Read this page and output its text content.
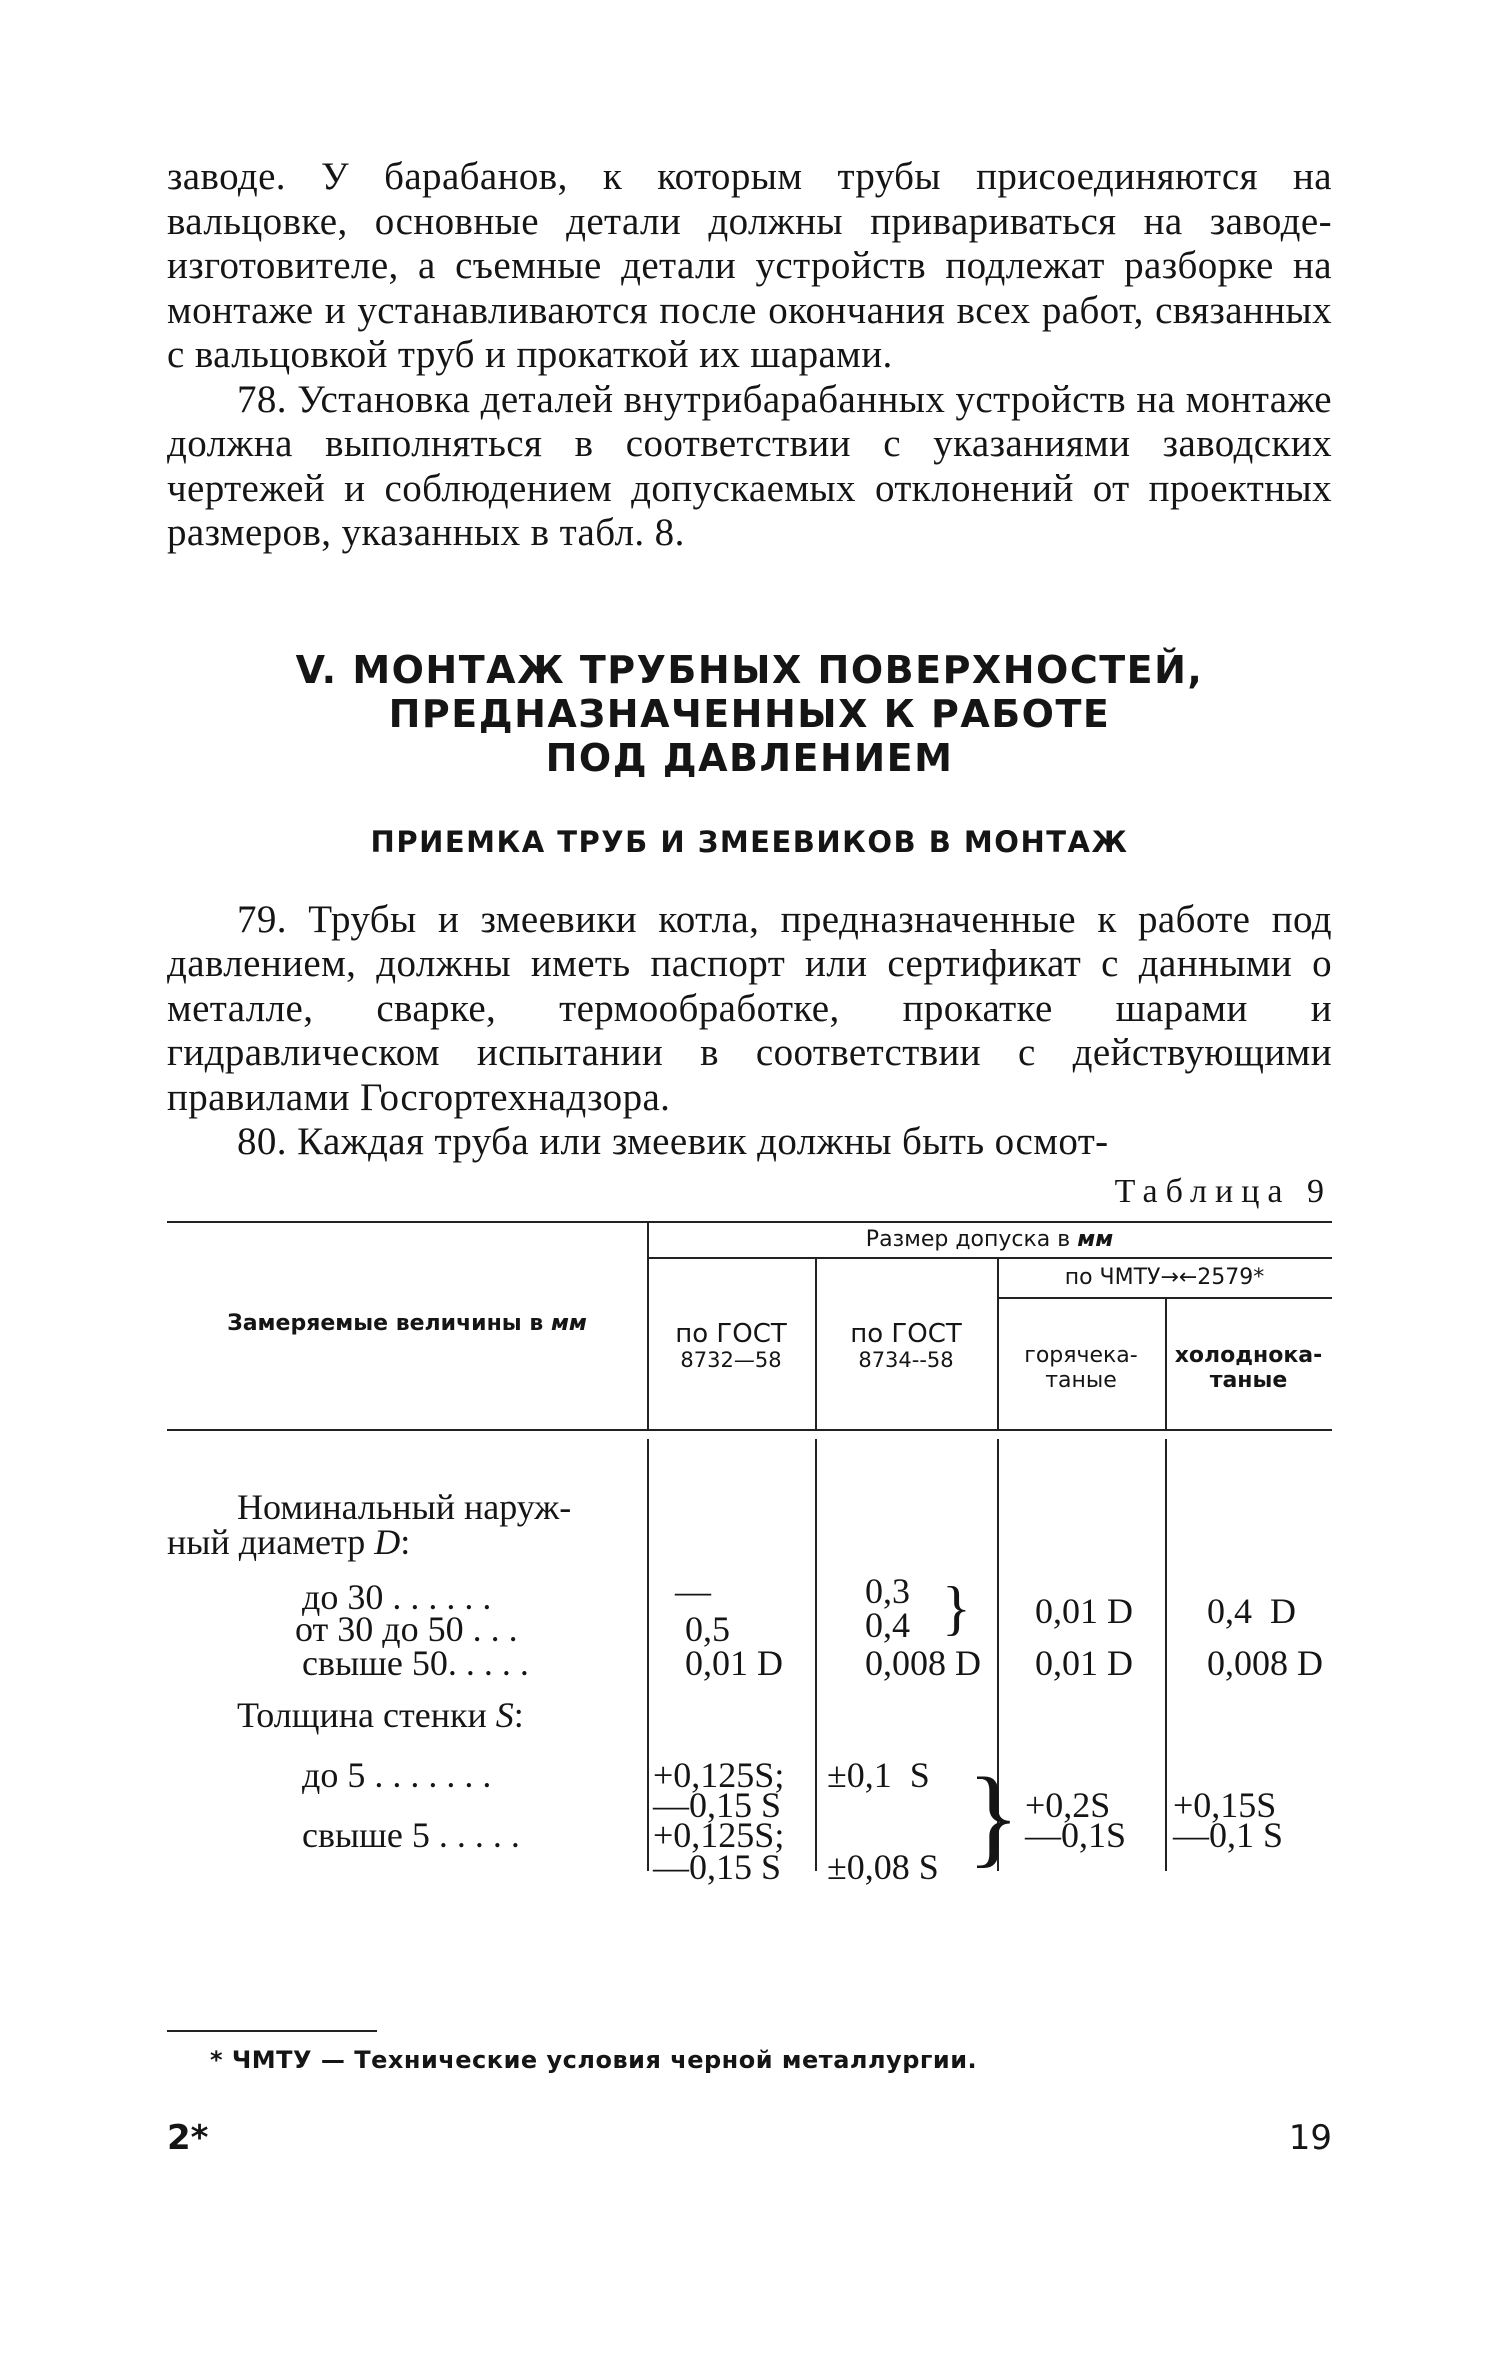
заводе. У барабанов, к которым трубы присоединяются на вальцовке, основные детали должны привариваться на заводе-изготовителе, а съемные детали устройств подлежат разборке на монтаже и устанавливаются после окончания всех работ, связанных с вальцовкой труб и прокаткой их шарами.

78. Установка деталей внутрибарабанных устройств на монтаже должна выполняться в соответствии с указаниями заводских чертежей и соблюдением допускаемых отклонений от проектных размеров, указанных в табл. 8.

V. МОНТАЖ ТРУБНЫХ ПОВЕРХНОСТЕЙ,
ПРЕДНАЗНАЧЕННЫХ К РАБОТЕ
ПОД ДАВЛЕНИЕМ
ПРИЕМКА ТРУБ И ЗМЕЕВИКОВ В МОНТАЖ

79. Трубы и змеевики котла, предназначенные к работе под давлением, должны иметь паспорт или сертификат с данными о металле, сварке, термообработке, прокатке шарами и гидравлическом испытании в соответствии с действующими правилами Госгортехнадзора.

80. Каждая труба или змеевик должны быть осмот-

Таблица 9
Замеряемые величины в мм
Размер допуска в мм
по ЧМТУ→←2579*
по ГОСТ
8732—58
по ГОСТ
8734--58	горячека-
таные
холоднока-
таные
Номинальный наруж-
ный диаметр D:
до 30 . . . . . .
от 30 до 50 . . .
свыше 50. . . . .
—
0,5
0,01 D
0,3
0,4 }
0,008 D
0,01 D
0,01 D
0,4  D
0,008 D
Толщина стенки S:
до 5 . . . . . . .
свыше 5 . . . . .
+0,125S;
—0,15 S
+0,125S;
—0,15 S
±0,1  S }
±0,08 S
+0,2S
—0,1S
+0,15S
—0,1 S
* ЧМТУ — Технические условия черной металлургии.
2*	19
